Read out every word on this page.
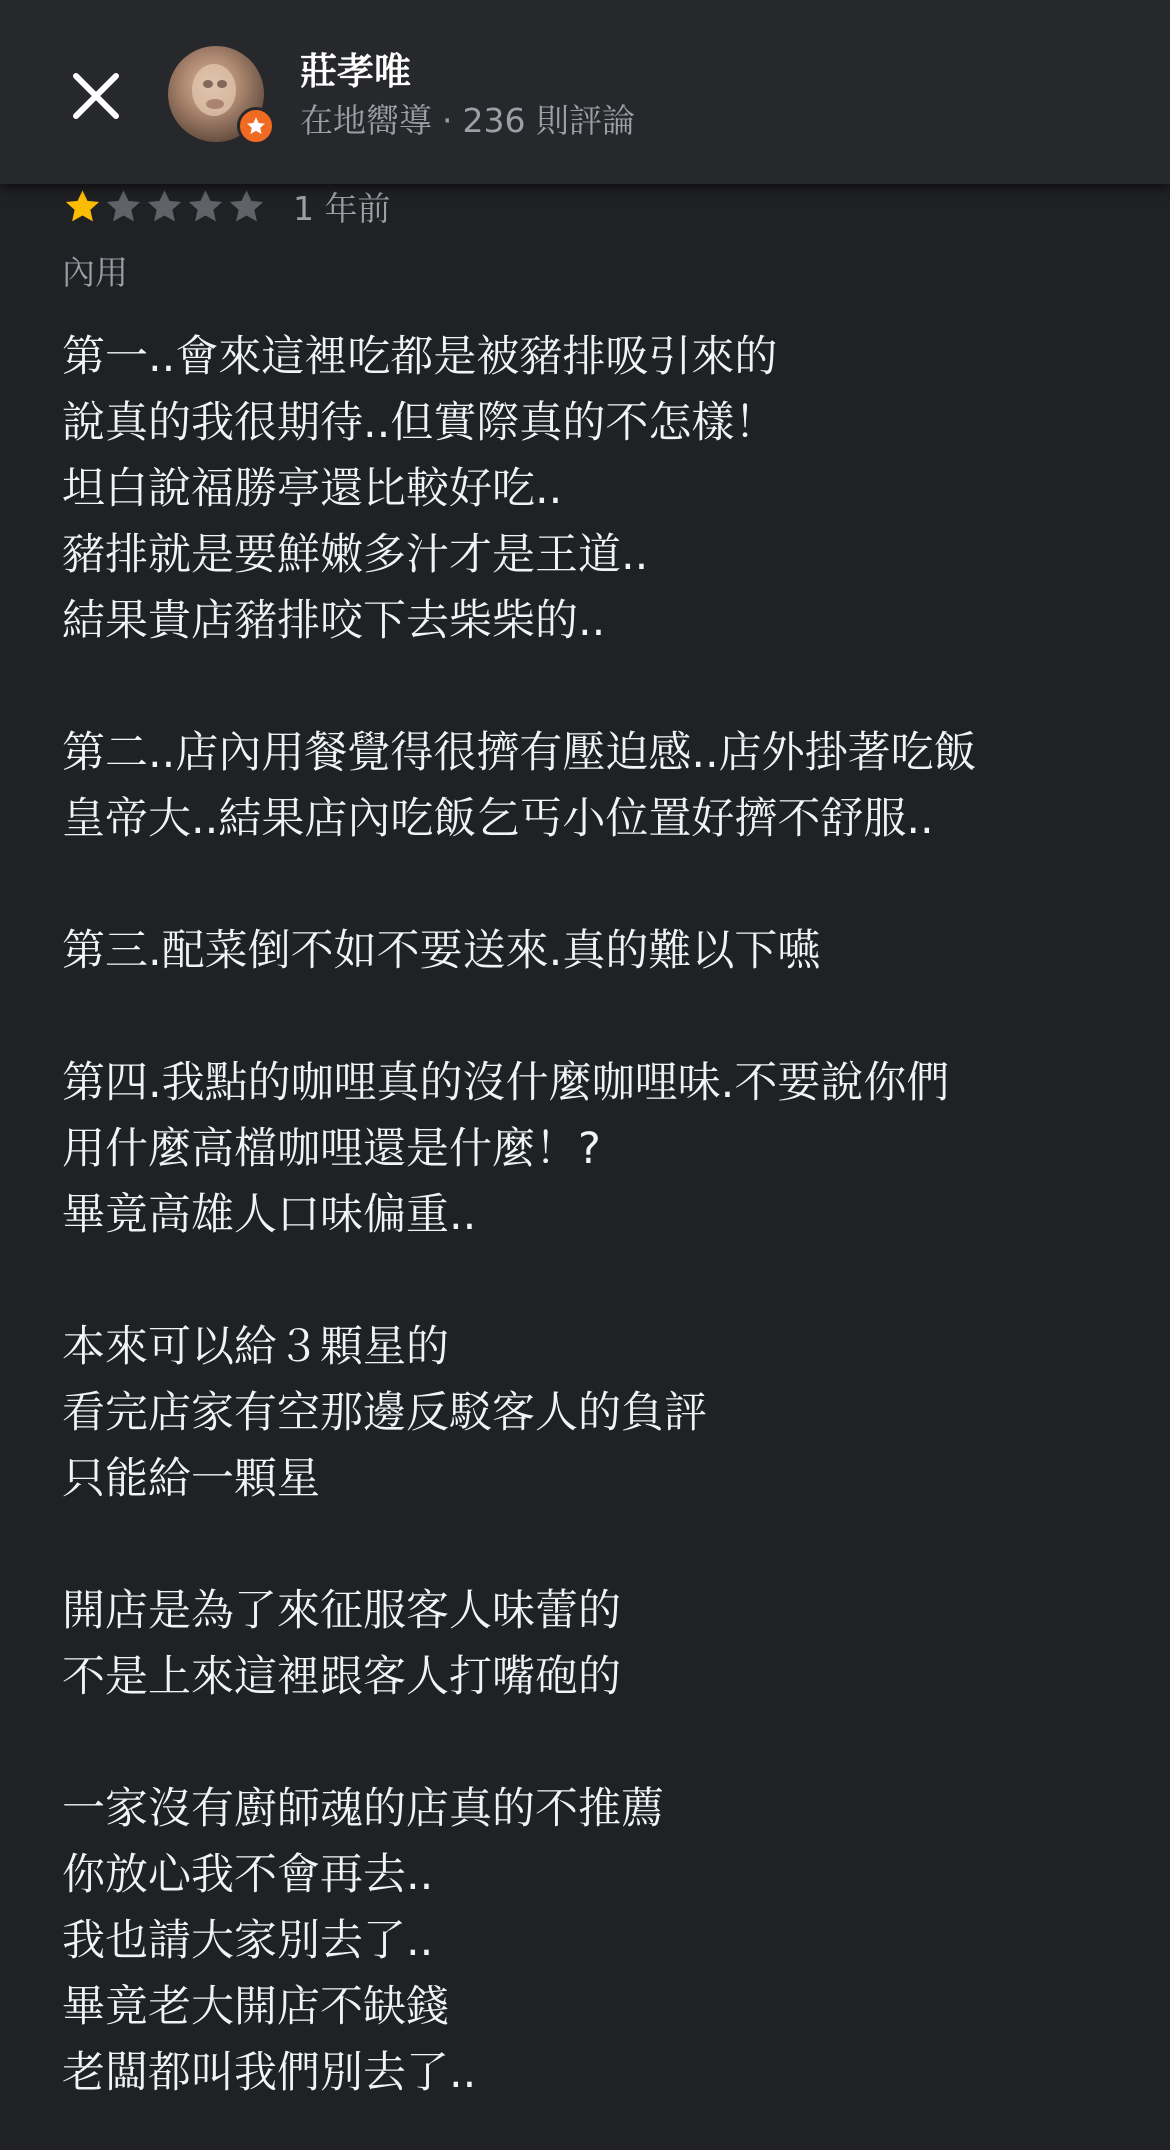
莊孝唯
在地嚮導 · 236 則評論
1 年前
內用
第一..會來這裡吃都是被豬排吸引來的
說真的我很期待..但實際真的不怎樣！
坦白說福勝亭還比較好吃..
豬排就是要鮮嫩多汁才是王道..
結果貴店豬排咬下去柴柴的..
第二..店內用餐覺得很擠有壓迫感..店外掛著吃飯
皇帝大..結果店內吃飯乞丐小位置好擠不舒服..
第三.配菜倒不如不要送來.真的難以下嚥
第四.我點的咖哩真的沒什麼咖哩味.不要說你們
用什麼高檔咖哩還是什麼！?
畢竟高雄人口味偏重..
本來可以給３顆星的
看完店家有空那邊反駁客人的負評
只能給一顆星
開店是為了來征服客人味蕾的
不是上來這裡跟客人打嘴砲的
一家沒有廚師魂的店真的不推薦
你放心我不會再去..
我也請大家別去了..
畢竟老大開店不缺錢
老闆都叫我們別去了..
